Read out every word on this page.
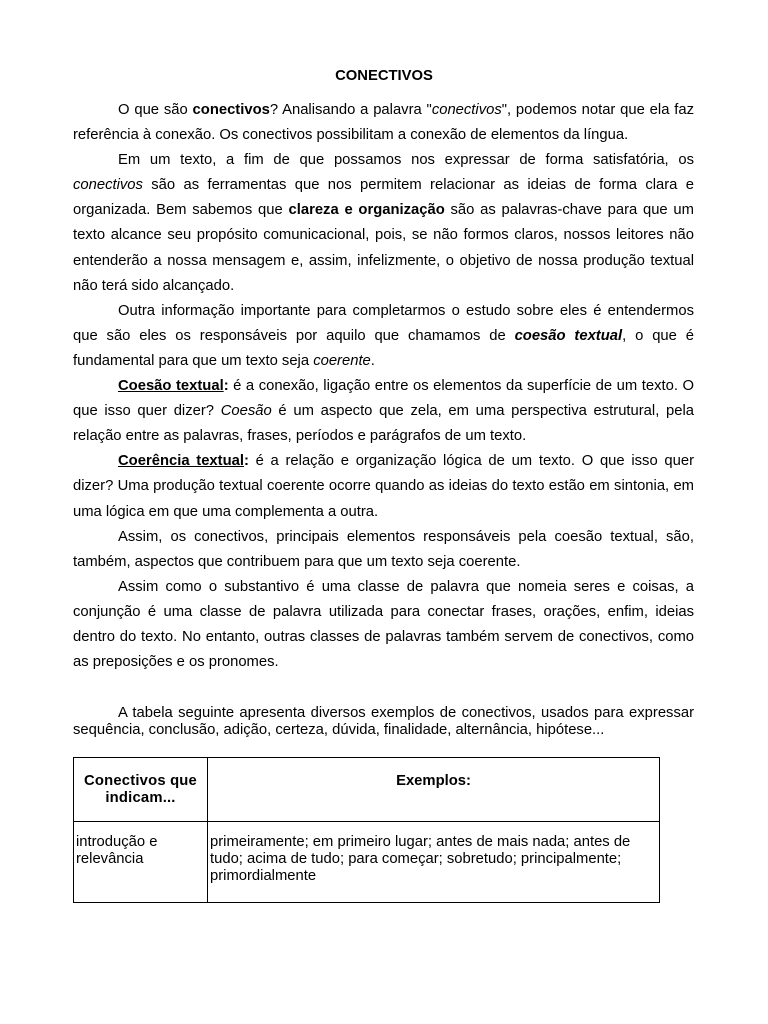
CONECTIVOS

O que são conectivos? Analisando a palavra "conectivos", podemos notar que ela faz referência à conexão. Os conectivos possibilitam a conexão de elementos da língua.

Em um texto, a fim de que possamos nos expressar de forma satisfatória, os conectivos são as ferramentas que nos permitem relacionar as ideias de forma clara e organizada. Bem sabemos que clareza e organização são as palavras-chave para que um texto alcance seu propósito comunicacional, pois, se não formos claros, nossos leitores não entenderão a nossa mensagem e, assim, infelizmente, o objetivo de nossa produção textual não terá sido alcançado.

Outra informação importante para completarmos o estudo sobre eles é entendermos que são eles os responsáveis por aquilo que chamamos de coesão textual, o que é fundamental para que um texto seja coerente.

Coesão textual: é a conexão, ligação entre os elementos da superfície de um texto. O que isso quer dizer? Coesão é um aspecto que zela, em uma perspectiva estrutural, pela relação entre as palavras, frases, períodos e parágrafos de um texto.

Coerência textual: é a relação e organização lógica de um texto. O que isso quer dizer? Uma produção textual coerente ocorre quando as ideias do texto estão em sintonia, em uma lógica em que uma complementa a outra.

Assim, os conectivos, principais elementos responsáveis pela coesão textual, são, também, aspectos que contribuem para que um texto seja coerente.

Assim como o substantivo é uma classe de palavra que nomeia seres e coisas, a conjunção é uma classe de palavra utilizada para conectar frases, orações, enfim, ideias dentro do texto. No entanto, outras classes de palavras também servem de conectivos, como as preposições e os pronomes.

A tabela seguinte apresenta diversos exemplos de conectivos, usados para expressar sequência, conclusão, adição, certeza, dúvida, finalidade, alternância, hipótese...

Conectivos que indicam...	Exemplos:
introdução e relevância	primeiramente; em primeiro lugar; antes de mais nada; antes de tudo; acima de tudo; para começar; sobretudo; principalmente; primordialmente
